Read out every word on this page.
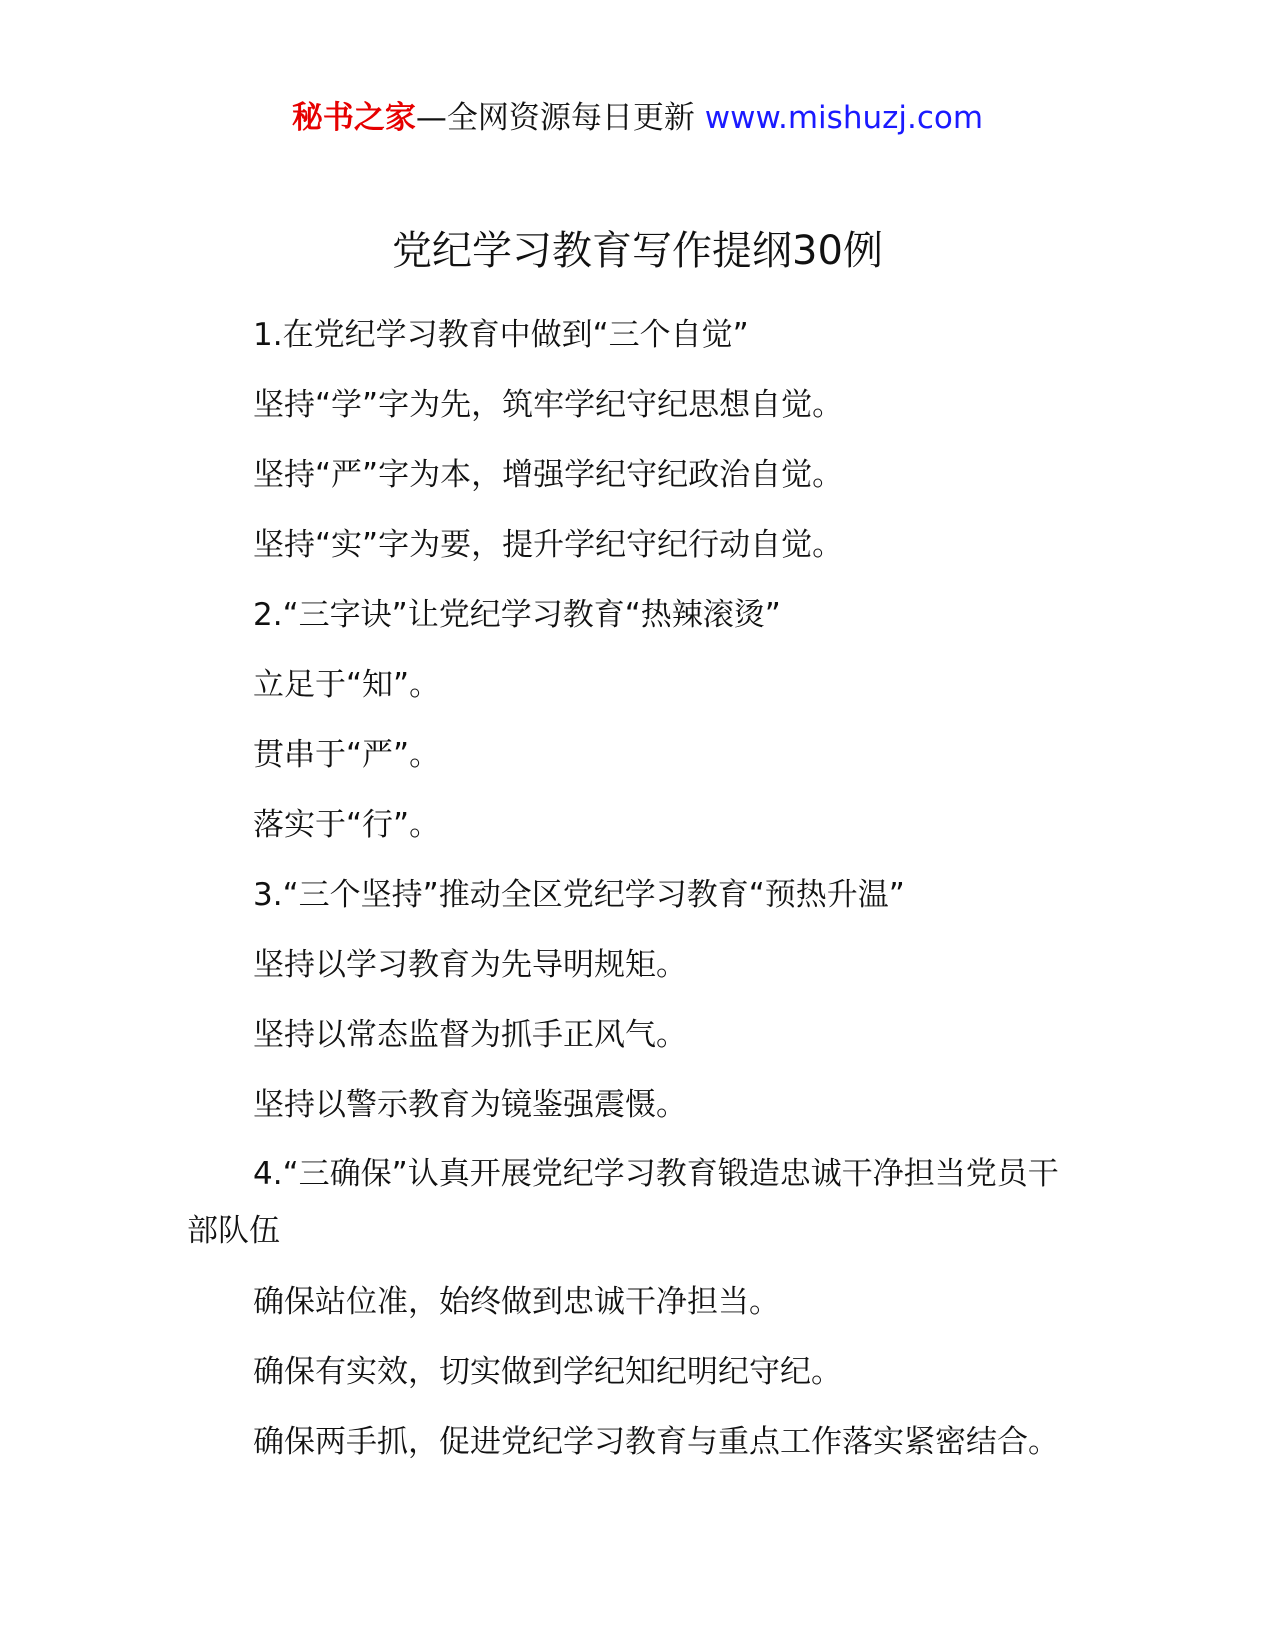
秘书之家—全网资源每日更新 www.mishuzj.com
党纪学习教育写作提纲30例

1.在党纪学习教育中做到“三个自觉”

坚持“学”字为先，筑牢学纪守纪思想自觉。

坚持“严”字为本，增强学纪守纪政治自觉。

坚持“实”字为要，提升学纪守纪行动自觉。

2.“三字诀”让党纪学习教育“热辣滚烫”

立足于“知”。

贯串于“严”。

落实于“行”。

3.“三个坚持”推动全区党纪学习教育“预热升温”

坚持以学习教育为先导明规矩。

坚持以常态监督为抓手正风气。

坚持以警示教育为镜鉴强震慑。

4.“三确保”认真开展党纪学习教育锻造忠诚干净担当党员干部队伍

确保站位准，始终做到忠诚干净担当。

确保有实效，切实做到学纪知纪明纪守纪。

确保两手抓，促进党纪学习教育与重点工作落实紧密结合。
